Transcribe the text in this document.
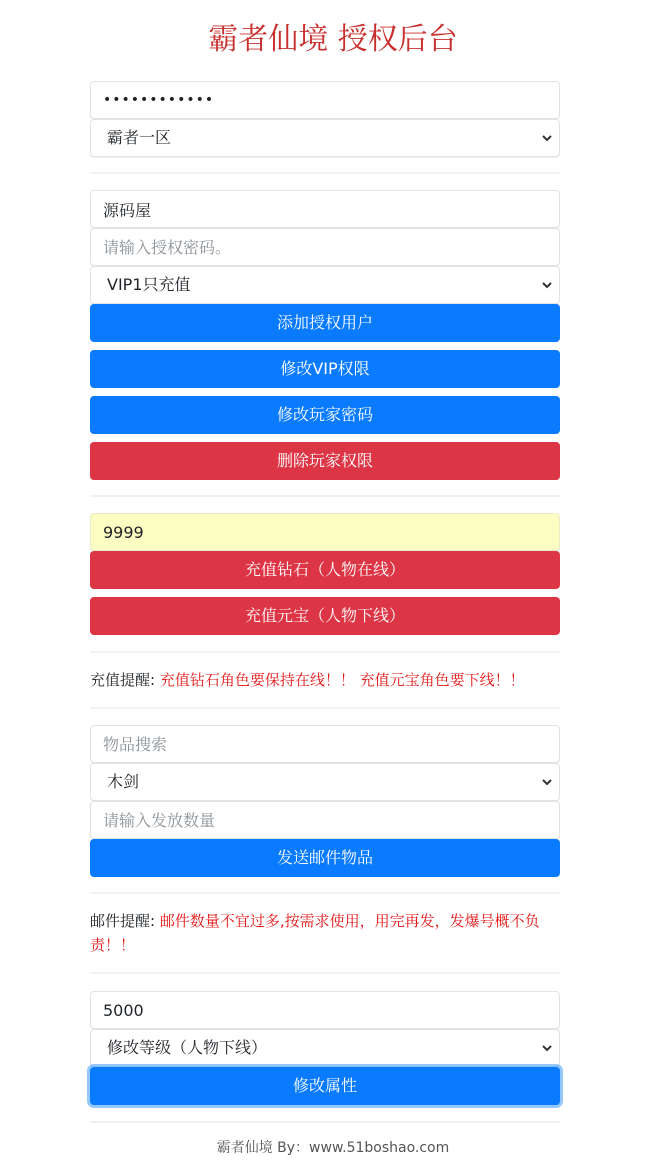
霸者仙境 授权后台
••••••••••••
霸者一区
源码屋
请输入授权密码。
VIP1只充值
添加授权用户
修改VIP权限
修改玩家密码
删除玩家权限
9999
充值钻石（人物在线）
充值元宝（人物下线）

充值提醒: 充值钻石角色要保持在线！！ 充值元宝角色要下线！！

物品搜索
木剑
请输入发放数量
发送邮件物品

邮件提醒: 邮件数量不宜过多,按需求使用，用完再发，发爆号概不负责！！

5000
修改等级（人物下线）
修改属性
霸者仙境 By：www.51boshao.com
